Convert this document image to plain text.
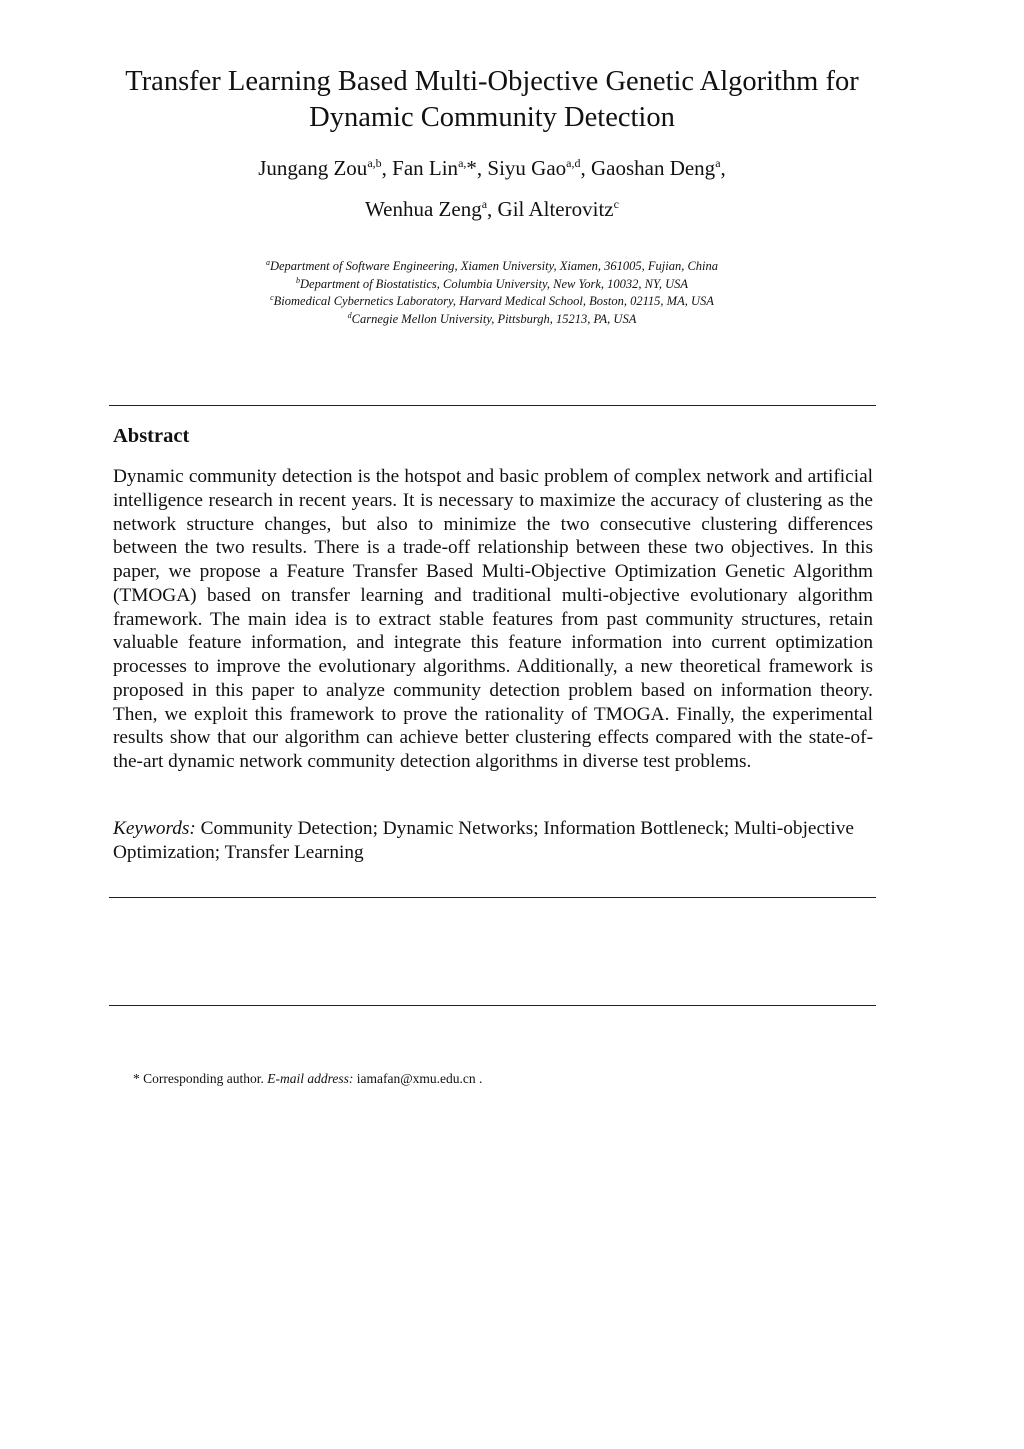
Transfer Learning Based Multi-Objective Genetic Algorithm for
Dynamic Community Detection
Jungang Zou$^{a,b}$, Fan Lin$^{a,}$*, Siyu Gao$^{a,d}$, Gaoshan Deng$^a$,
Wenhua Zeng$^a$, Gil Alterovitz$^c$
$^a$Department of Software Engineering, Xiamen University, Xiamen, 361005, Fujian, China
$^b$Department of Biostatistics, Columbia University, New York, 10032, NY, USA
$^c$Biomedical Cybernetics Laboratory, Harvard Medical School, Boston, 02115, MA, USA
$^d$Carnegie Mellon University, Pittsburgh, 15213, PA, USA
Abstract

Dynamic community detection is the hotspot and basic problem of complex network and artificial intelligence research in recent years. It is necessary to maximize the accuracy of clustering as the network structure changes, but also to minimize the two consecutive clustering differences between the two results. There is a trade-off relationship between these two objectives. In this paper, we propose a Feature Transfer Based Multi-Objective Optimization Genetic Algorithm (TMOGA) based on transfer learning and traditional multi-objective evolutionary algorithm framework. The main idea is to extract stable features from past community structures, retain valuable feature information, and integrate this feature information into current optimization processes to improve the evolutionary algorithms. Additionally, a new theoretical framework is proposed in this paper to analyze community detection problem based on information theory. Then, we exploit this framework to prove the rationality of TMOGA. Finally, the experimental results show that our algorithm can achieve better clustering effects compared with the state-of-the-art dynamic network community detection algorithms in diverse test problems.

Keywords: Community Detection; Dynamic Networks; Information Bottleneck; Multi-objective Optimization; Transfer Learning

* Corresponding author. E-mail address: iamafan@xmu.edu.cn .
